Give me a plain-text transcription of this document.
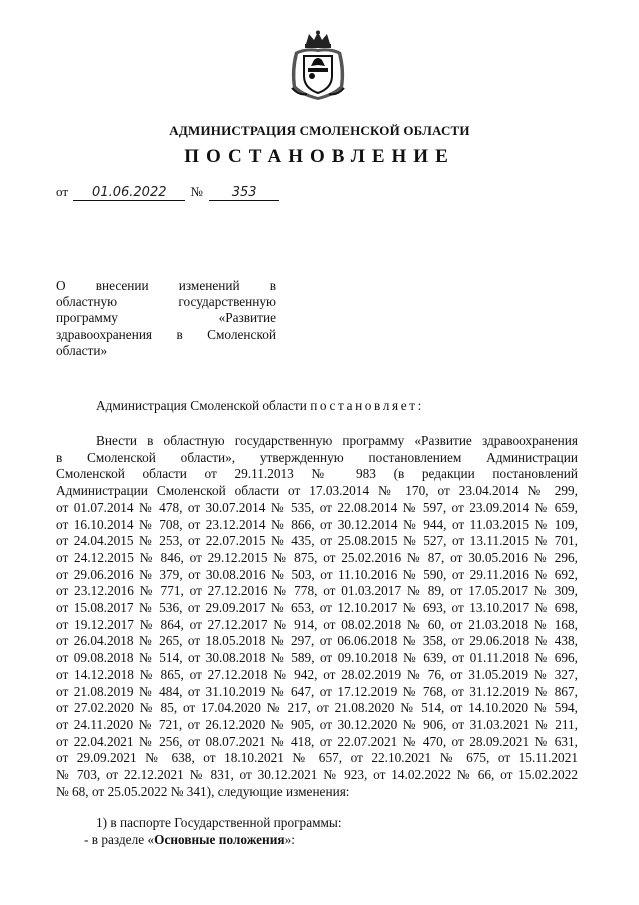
АДМИНИСТРАЦИЯ СМОЛЕНСКОЙ ОБЛАСТИ
ПОСТАНОВЛЕНИЕ
от 01.06.2022 № 353
О внесении изменений в
областную государственную
программу «Развитие
здравоохранения в Смоленской
области»
Администрация Смоленской области постановляет:
Внести в областную государственную программу «Развитие здравоохранения
в Смоленской области», утвержденную постановлением Администрации
Смоленской области от 29.11.2013 № 983 (в редакции постановлений
Администрации Смоленской области от 17.03.2014 № 170, от 23.04.2014 № 299,
от 01.07.2014 № 478, от 30.07.2014 № 535, от 22.08.2014 № 597, от 23.09.2014 № 659,
от 16.10.2014 № 708, от 23.12.2014 № 866, от 30.12.2014 № 944, от 11.03.2015 № 109,
от 24.04.2015 № 253, от 22.07.2015 № 435, от 25.08.2015 № 527, от 13.11.2015 № 701,
от 24.12.2015 № 846, от 29.12.2015 № 875, от 25.02.2016 № 87, от 30.05.2016 № 296,
от 29.06.2016 № 379, от 30.08.2016 № 503, от 11.10.2016 № 590, от 29.11.2016 № 692,
от 23.12.2016 № 771, от 27.12.2016 № 778, от 01.03.2017 № 89, от 17.05.2017 № 309,
от 15.08.2017 № 536, от 29.09.2017 № 653, от 12.10.2017 № 693, от 13.10.2017 № 698,
от 19.12.2017 № 864, от 27.12.2017 № 914, от 08.02.2018 № 60, от 21.03.2018 № 168,
от 26.04.2018 № 265, от 18.05.2018 № 297, от 06.06.2018 № 358, от 29.06.2018 № 438,
от 09.08.2018 № 514, от 30.08.2018 № 589, от 09.10.2018 № 639, от 01.11.2018 № 696,
от 14.12.2018 № 865, от 27.12.2018 № 942, от 28.02.2019 № 76, от 31.05.2019 № 327,
от 21.08.2019 № 484, от 31.10.2019 № 647, от 17.12.2019 № 768, от 31.12.2019 № 867,
от 27.02.2020 № 85, от 17.04.2020 № 217, от 21.08.2020 № 514, от 14.10.2020 № 594,
от 24.11.2020 № 721, от 26.12.2020 № 905, от 30.12.2020 № 906, от 31.03.2021 № 211,
от 22.04.2021 № 256, от 08.07.2021 № 418, от 22.07.2021 № 470, от 28.09.2021 № 631,
от 29.09.2021 № 638, от 18.10.2021 № 657, от 22.10.2021 № 675, от 15.11.2021
№ 703, от 22.12.2021 № 831, от 30.12.2021 № 923, от 14.02.2022 № 66, от 15.02.2022
№ 68, от 25.05.2022 № 341), следующие изменения:
1) в паспорте Государственной программы:
- в разделе «Основные положения»:
